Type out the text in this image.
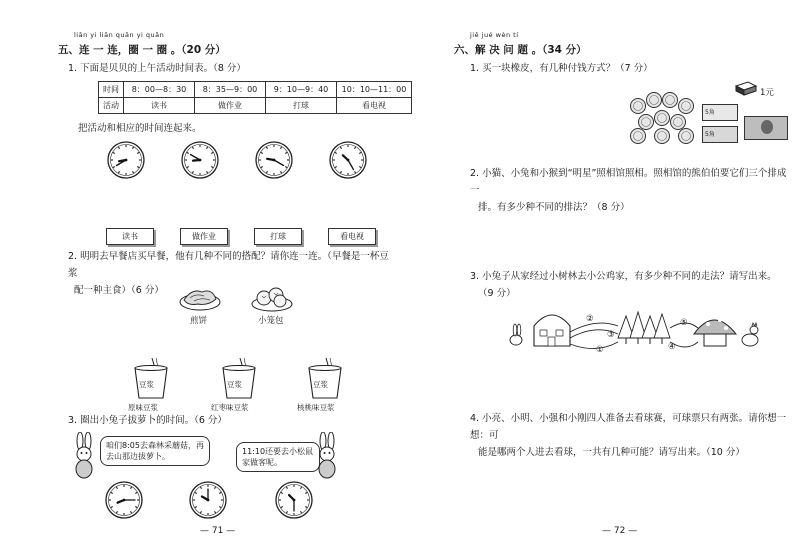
liān yi liān quān yi quān
五、连 一 连，圈 一 圈 。（20 分）
1. 下面是贝贝的上午活动时间表。（8 分）
时间	8：00—8：30	8：35—9：00	9：10—9：40	10：10—11：00
活动	读书	做作业	打球	看电视
把活动和相应的时间连起来。
读书	做作业	打球	看电视
2. 明明去早餐店买早餐，他有几种不同的搭配？请你连一连。（早餐是一杯豆浆
配一种主食）（6 分）
煎饼	小笼包
豆浆
原味豆浆
豆浆
红枣味豆浆
豆浆
核桃味豆浆
3. 圈出小兔子拔萝卜的时间。（6 分）
咱们8:05去森林采蘑菇，再去山那边拔萝卜。
11:10还要去小松鼠家做客呢。
— 71 —
jiě jué wèn tí
六、解 决 问 题 。（34 分）
1. 买一块橡皮，有几种付钱方式？（7 分）
1元
5角
5角
2. 小猫、小兔和小猴到“明星”照相馆照相。照相馆的熊伯伯要它们三个排成一
排。有多少种不同的排法？（8 分）
3. 小兔子从家经过小树林去小公鸡家，有多少种不同的走法？请写出来。
（9 分）
②
③
①
⑤
④
4. 小亮、小明、小强和小刚四人准备去看球赛，可球票只有两张。请你想一想：可
能是哪两个人进去看球，一共有几种可能？请写出来。（10 分）
— 72 —
